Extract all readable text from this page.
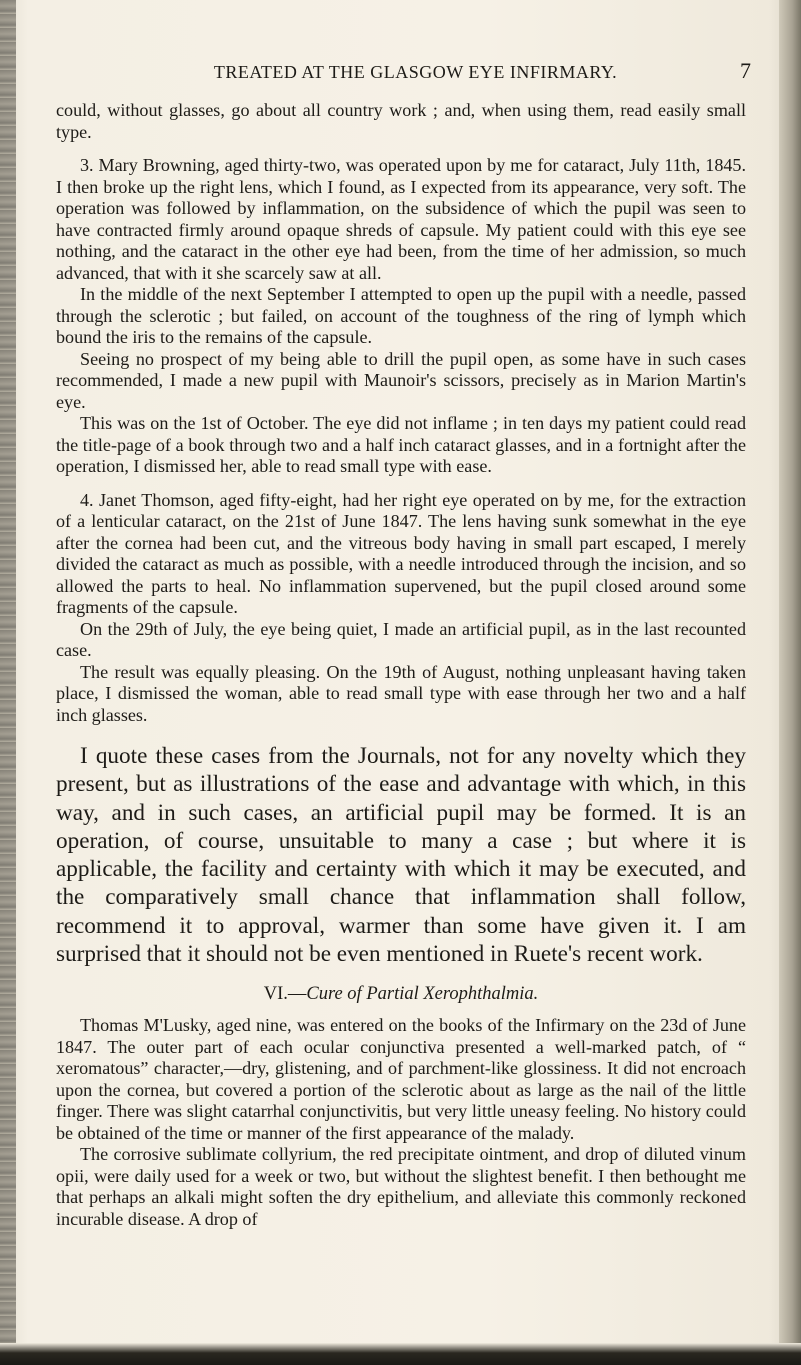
TREATED AT THE GLASGOW EYE INFIRMARY.	7

could, without glasses, go about all country work ; and, when using them, read easily small type.

3. Mary Browning, aged thirty-two, was operated upon by me for cataract, July 11th, 1845. I then broke up the right lens, which I found, as I expected from its appearance, very soft. The operation was followed by inflammation, on the subsidence of which the pupil was seen to have contracted firmly around opaque shreds of capsule. My patient could with this eye see nothing, and the cataract in the other eye had been, from the time of her admission, so much advanced, that with it she scarcely saw at all.

In the middle of the next September I attempted to open up the pupil with a needle, passed through the sclerotic ; but failed, on account of the toughness of the ring of lymph which bound the iris to the remains of the capsule.

Seeing no prospect of my being able to drill the pupil open, as some have in such cases recommended, I made a new pupil with Maunoir's scissors, precisely as in Marion Martin's eye.

This was on the 1st of October. The eye did not inflame ; in ten days my patient could read the title-page of a book through two and a half inch cataract glasses, and in a fortnight after the operation, I dismissed her, able to read small type with ease.

4. Janet Thomson, aged fifty-eight, had her right eye operated on by me, for the extraction of a lenticular cataract, on the 21st of June 1847. The lens having sunk somewhat in the eye after the cornea had been cut, and the vitreous body having in small part escaped, I merely divided the cataract as much as possible, with a needle introduced through the incision, and so allowed the parts to heal. No inflammation supervened, but the pupil closed around some fragments of the capsule.

On the 29th of July, the eye being quiet, I made an artificial pupil, as in the last recounted case.

The result was equally pleasing. On the 19th of August, nothing unpleasant having taken place, I dismissed the woman, able to read small type with ease through her two and a half inch glasses.

I quote these cases from the Journals, not for any novelty which they present, but as illustrations of the ease and advantage with which, in this way, and in such cases, an artificial pupil may be formed. It is an operation, of course, unsuitable to many a case ; but where it is applicable, the facility and certainty with which it may be executed, and the comparatively small chance that inflammation shall follow, recommend it to approval, warmer than some have given it. I am surprised that it should not be even mentioned in Ruete's recent work.

VI.—Cure of Partial Xerophthalmia.

Thomas M'Lusky, aged nine, was entered on the books of the Infirmary on the 23d of June 1847. The outer part of each ocular conjunctiva presented a well-marked patch, of “ xeromatous” character,—dry, glistening, and of parchment-like glossiness. It did not encroach upon the cornea, but covered a portion of the sclerotic about as large as the nail of the little finger. There was slight catarrhal conjunctivitis, but very little uneasy feeling. No history could be obtained of the time or manner of the first appearance of the malady.

The corrosive sublimate collyrium, the red precipitate ointment, and drop of diluted vinum opii, were daily used for a week or two, but without the slightest benefit. I then bethought me that perhaps an alkali might soften the dry epithelium, and alleviate this commonly reckoned incurable disease. A drop of
